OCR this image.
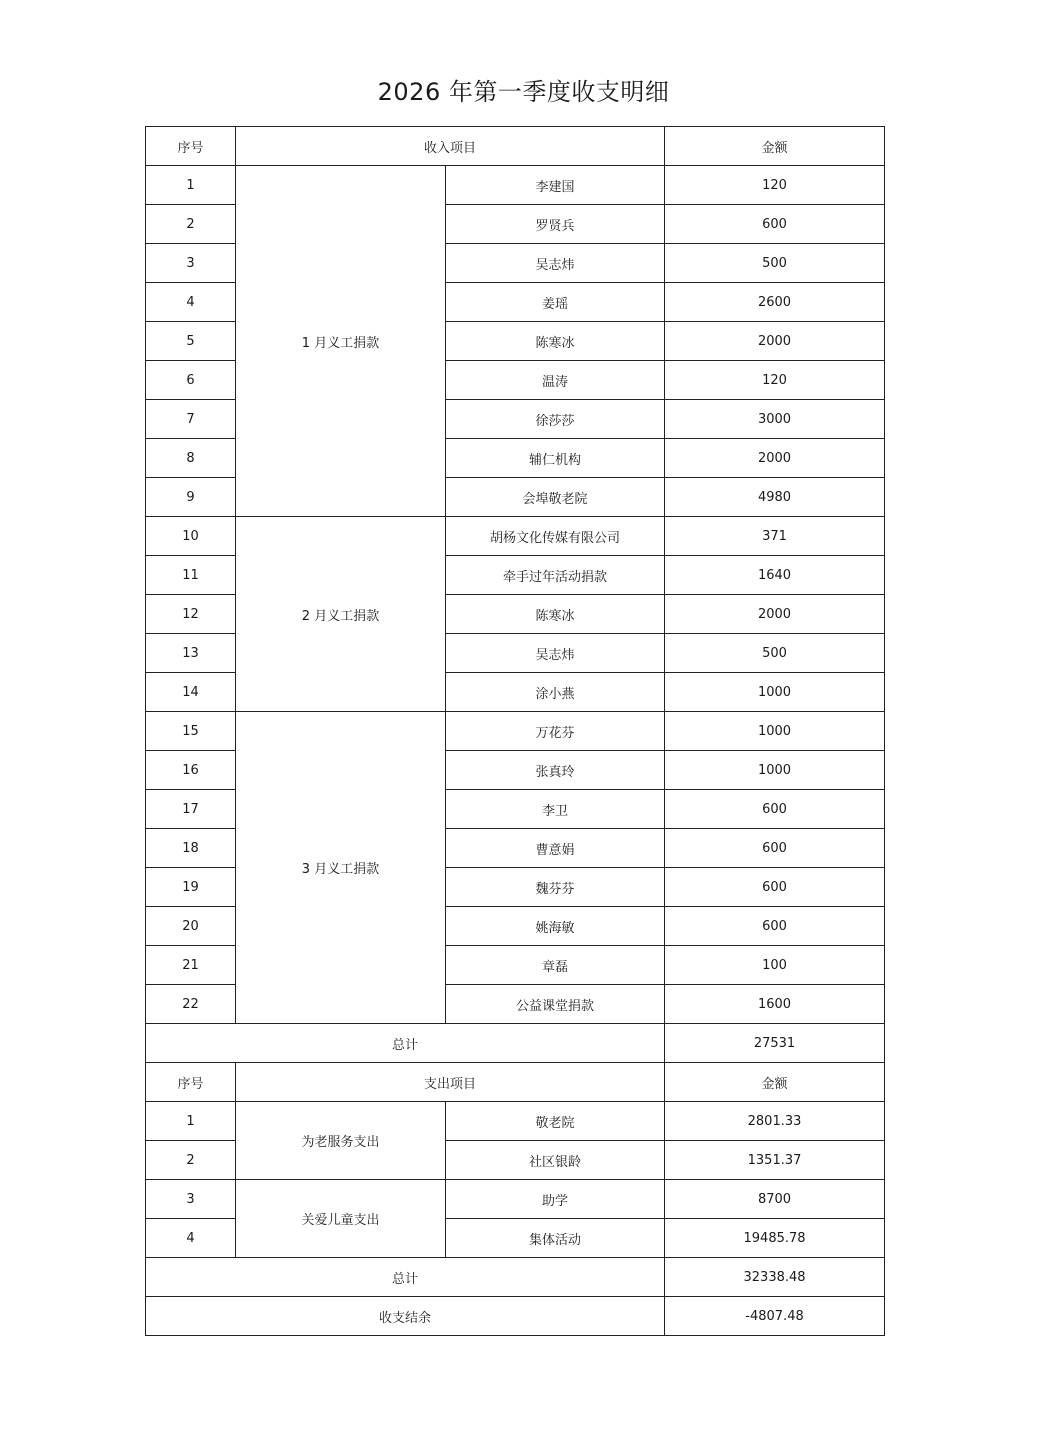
2026 年第一季度收支明细
序号	收入项目		金额
1	1 月义工捐款	李建国	120
2		罗贤兵	600
3		吴志炜	500
4		姜瑶	2600
5		陈寒冰	2000
6		温涛	120
7		徐莎莎	3000
8		辅仁机构	2000
9		会埠敬老院	4980
10	2 月义工捐款	胡杨文化传媒有限公司	371
11		牵手过年活动捐款	1640
12		陈寒冰	2000
13		吴志炜	500
14		涂小燕	1000
15	3 月义工捐款	万花芬	1000
16		张真玲	1000
17		李卫	600
18		曹意娟	600
19		魏芬芬	600
20		姚海敏	600
21		章磊	100
22		公益课堂捐款	1600
总计			27531
序号	支出项目		金额
1	为老服务支出	敬老院	2801.33
2		社区银龄	1351.37
3	关爱儿童支出	助学	8700
4		集体活动	19485.78
总计			32338.48
收支结余			-4807.48
